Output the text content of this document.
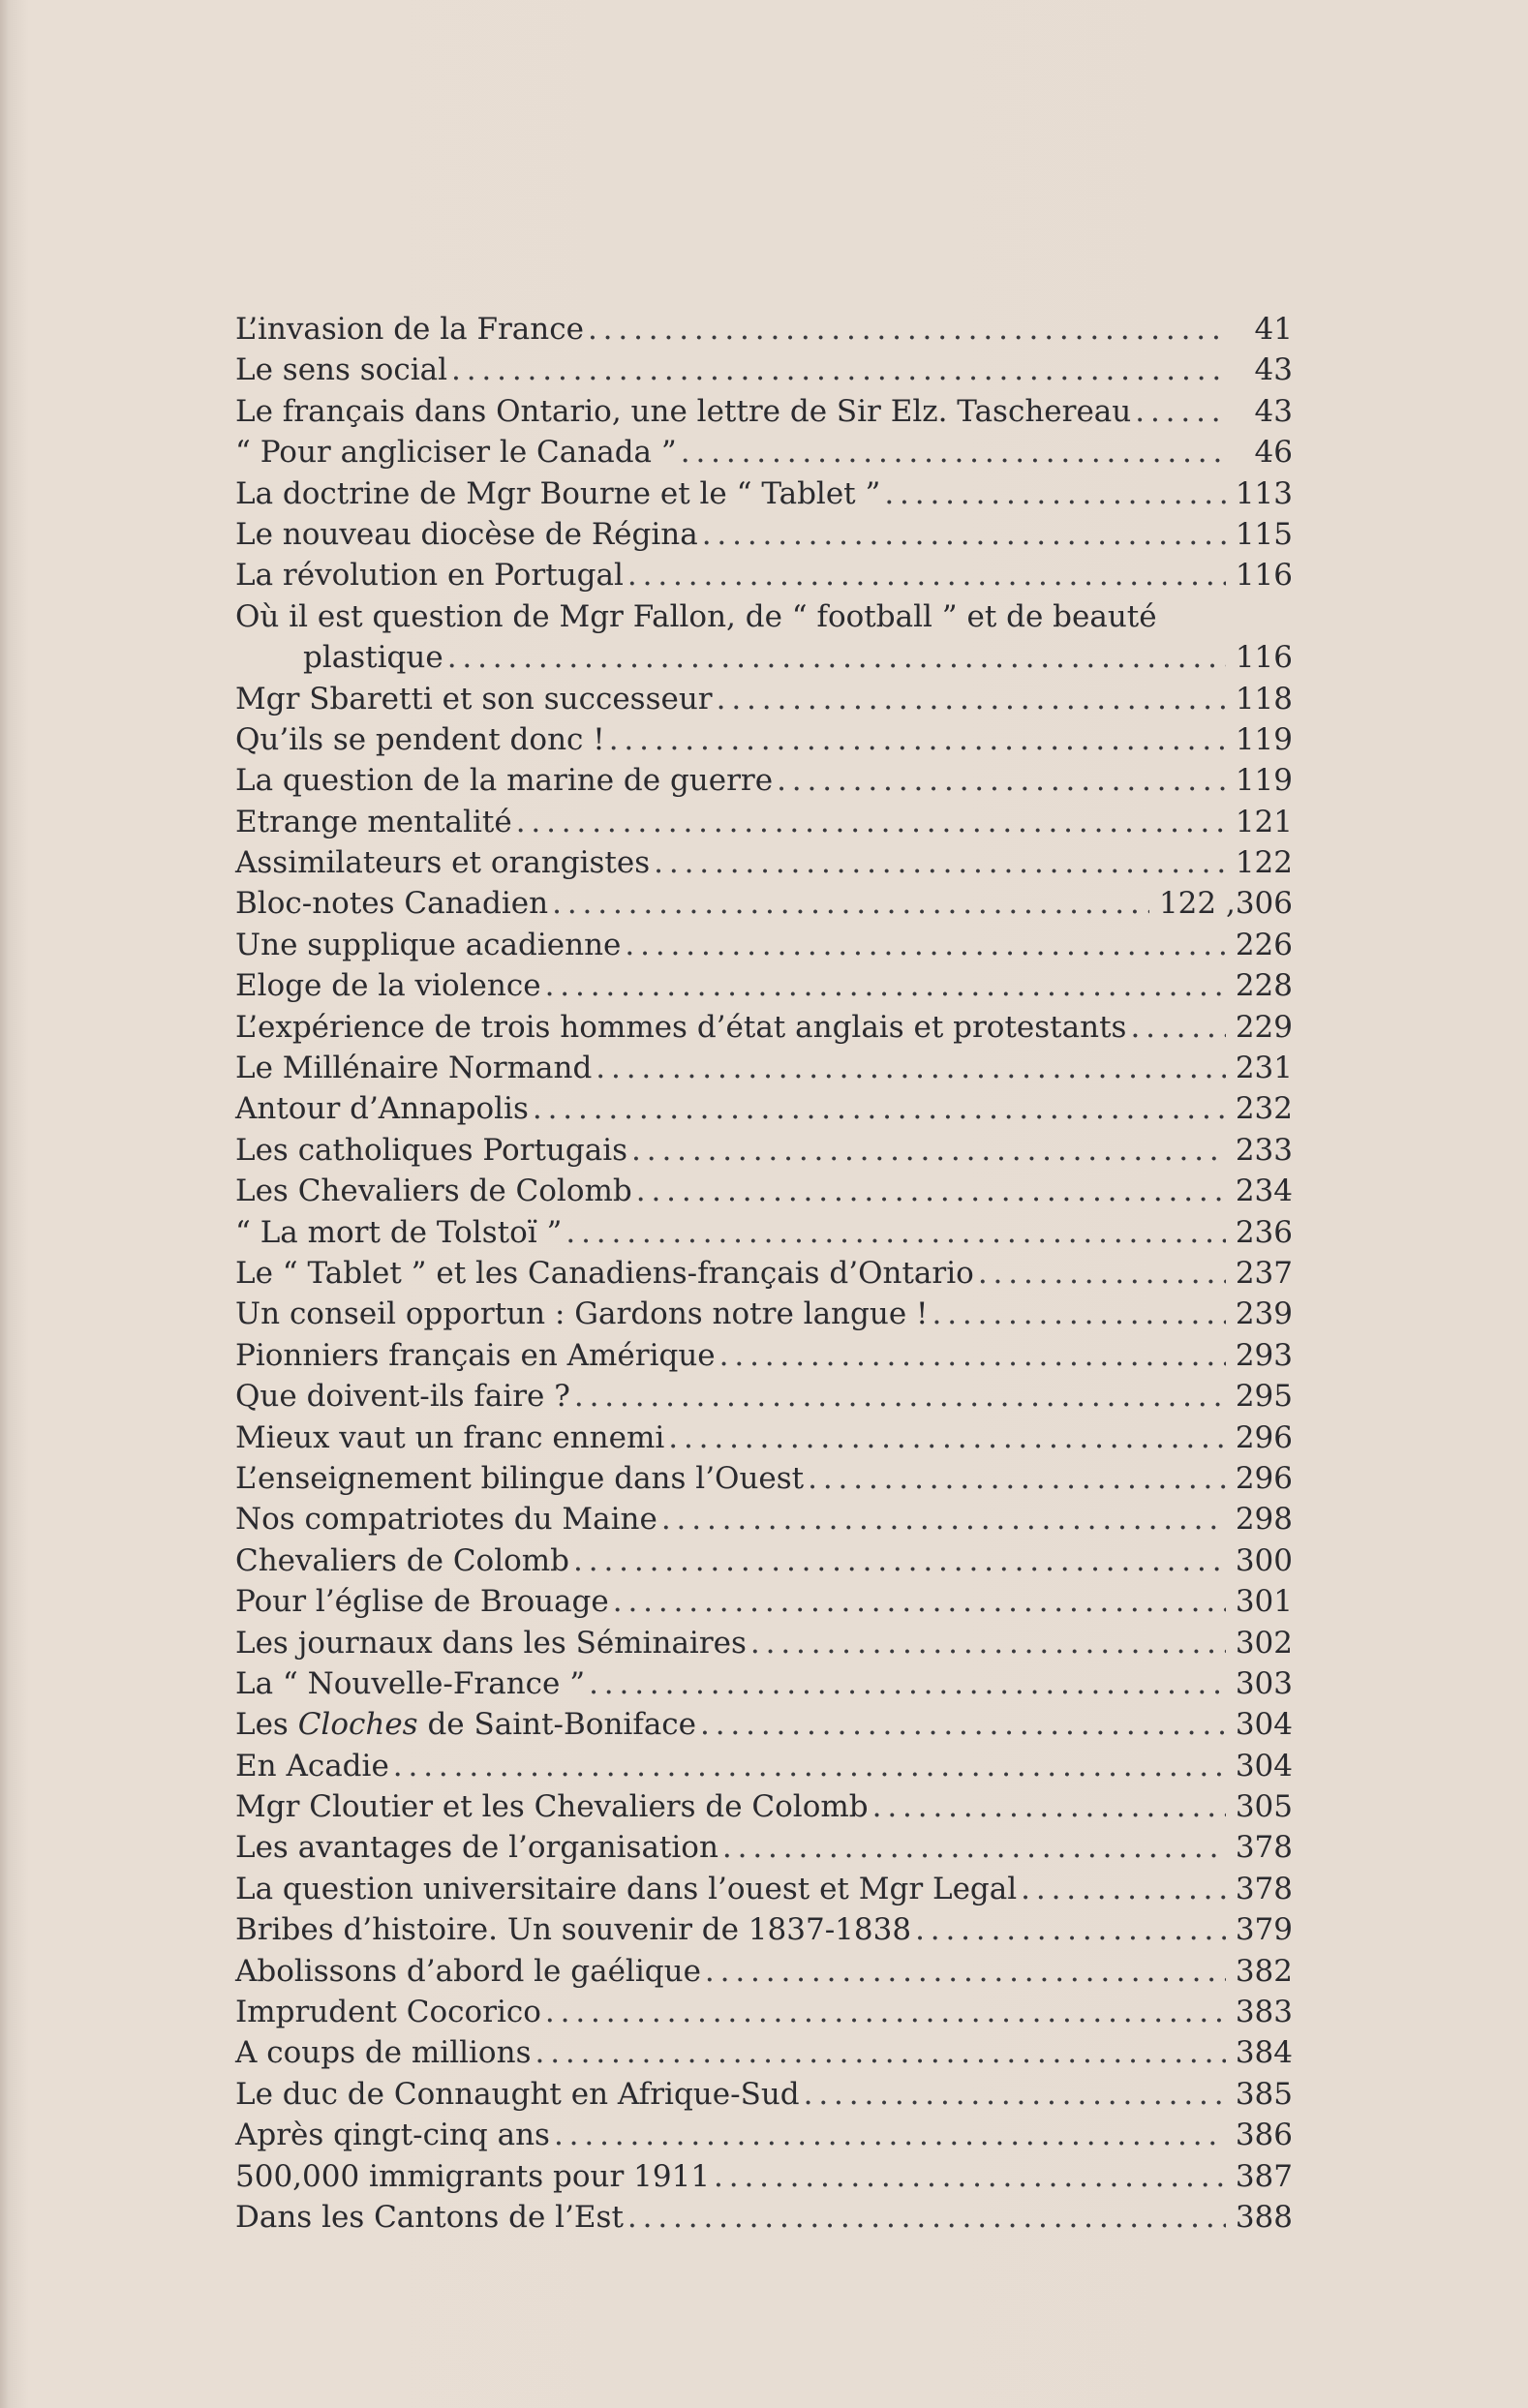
L’invasion de la France . . .	41
Le sens social . . .	43
Le français dans Ontario, une lettre de Sir Elz. Taschereau . . .	43
“ Pour angliciser le Canada ” . . .	46
La doctrine de Mgr Bourne et le “ Tablet ” . . .	113
Le nouveau diocèse de Régina . . .	115
La révolution en Portugal . . .	116
Où il est question de Mgr Fallon, de “ football ” et de beauté
plastique . . .	116
Mgr Sbaretti et son successeur . . .	118
Qu’ils se pendent donc ! . . .	119
La question de la marine de guerre . . .	119
Etrange mentalité . . .	121
Assimilateurs et orangistes . . .	122
Bloc-notes Canadien . . .	122 ,306
Une supplique acadienne . . .	226
Eloge de la violence . . .	228
L’expérience de trois hommes d’état anglais et protestants . . .	229
Le Millénaire Normand . . .	231
Antour d’Annapolis . . .	232
Les catholiques Portugais . . .	233
Les Chevaliers de Colomb . . .	234
“ La mort de Tolstoï ” . . .	236
Le “ Tablet ” et les Canadiens-français d’Ontario . . .	237
Un conseil opportun : Gardons notre langue ! . . .	239
Pionniers français en Amérique . . .	293
Que doivent-ils faire ? . . .	295
Mieux vaut un franc ennemi . . .	296
L’enseignement bilingue dans l’Ouest . . .	296
Nos compatriotes du Maine . . .	298
Chevaliers de Colomb . . .	300
Pour l’église de Brouage . . .	301
Les journaux dans les Séminaires . . .	302
La “ Nouvelle-France ” . . .	303
Les Cloches de Saint-Boniface . . .	304
En Acadie . . .	304
Mgr Cloutier et les Chevaliers de Colomb . . .	305
Les avantages de l’organisation . . .	378
La question universitaire dans l’ouest et Mgr Legal . . .	378
Bribes d’histoire. Un souvenir de 1837-1838 . . .	379
Abolissons d’abord le gaélique . . .	382
Imprudent Cocorico . . .	383
A coups de millions . . .	384
Le duc de Connaught en Afrique-Sud . . .	385
Après qingt-cinq ans . . .	386
500,000 immigrants pour 1911 . . .	387
Dans les Cantons de l’Est . . .	388
